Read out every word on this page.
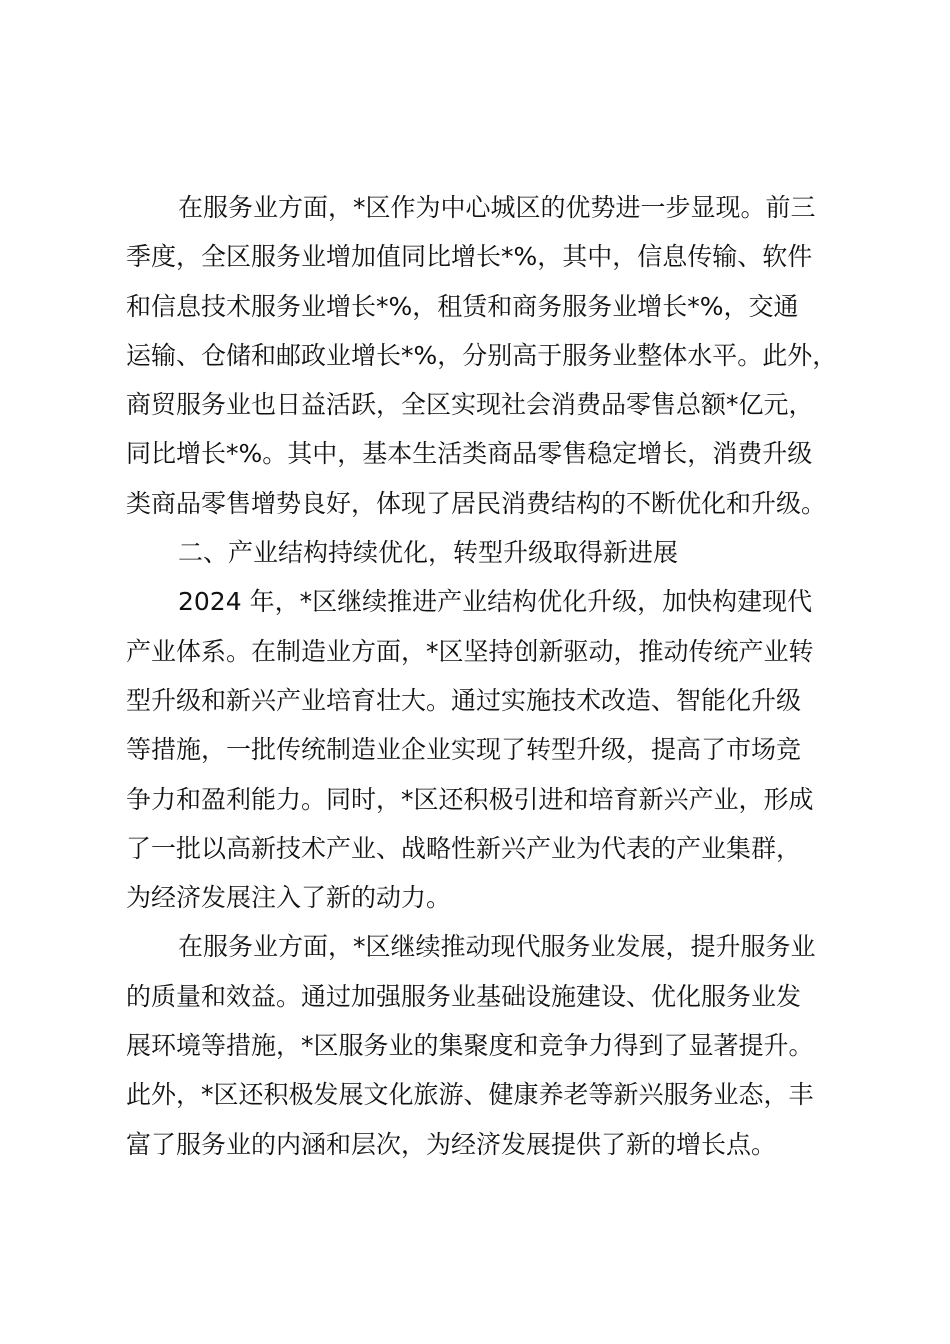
在服务业方面，*区作为中心城区的优势进一步显现。前三
季度，全区服务业增加值同比增长*%，其中，信息传输、软件
和信息技术服务业增长*%，租赁和商务服务业增长*%，交通
运输、仓储和邮政业增长*%，分别高于服务业整体水平。此外，
商贸服务业也日益活跃，全区实现社会消费品零售总额*亿元，
同比增长*%。其中，基本生活类商品零售稳定增长，消费升级
类商品零售增势良好，体现了居民消费结构的不断优化和升级。
二、产业结构持续优化，转型升级取得新进展
2024 年，*区继续推进产业结构优化升级，加快构建现代
产业体系。在制造业方面，*区坚持创新驱动，推动传统产业转
型升级和新兴产业培育壮大。通过实施技术改造、智能化升级
等措施，一批传统制造业企业实现了转型升级，提高了市场竞
争力和盈利能力。同时，*区还积极引进和培育新兴产业，形成
了一批以高新技术产业、战略性新兴产业为代表的产业集群，
为经济发展注入了新的动力。
在服务业方面，*区继续推动现代服务业发展，提升服务业
的质量和效益。通过加强服务业基础设施建设、优化服务业发
展环境等措施，*区服务业的集聚度和竞争力得到了显著提升。
此外，*区还积极发展文化旅游、健康养老等新兴服务业态，丰
富了服务业的内涵和层次，为经济发展提供了新的增长点。
